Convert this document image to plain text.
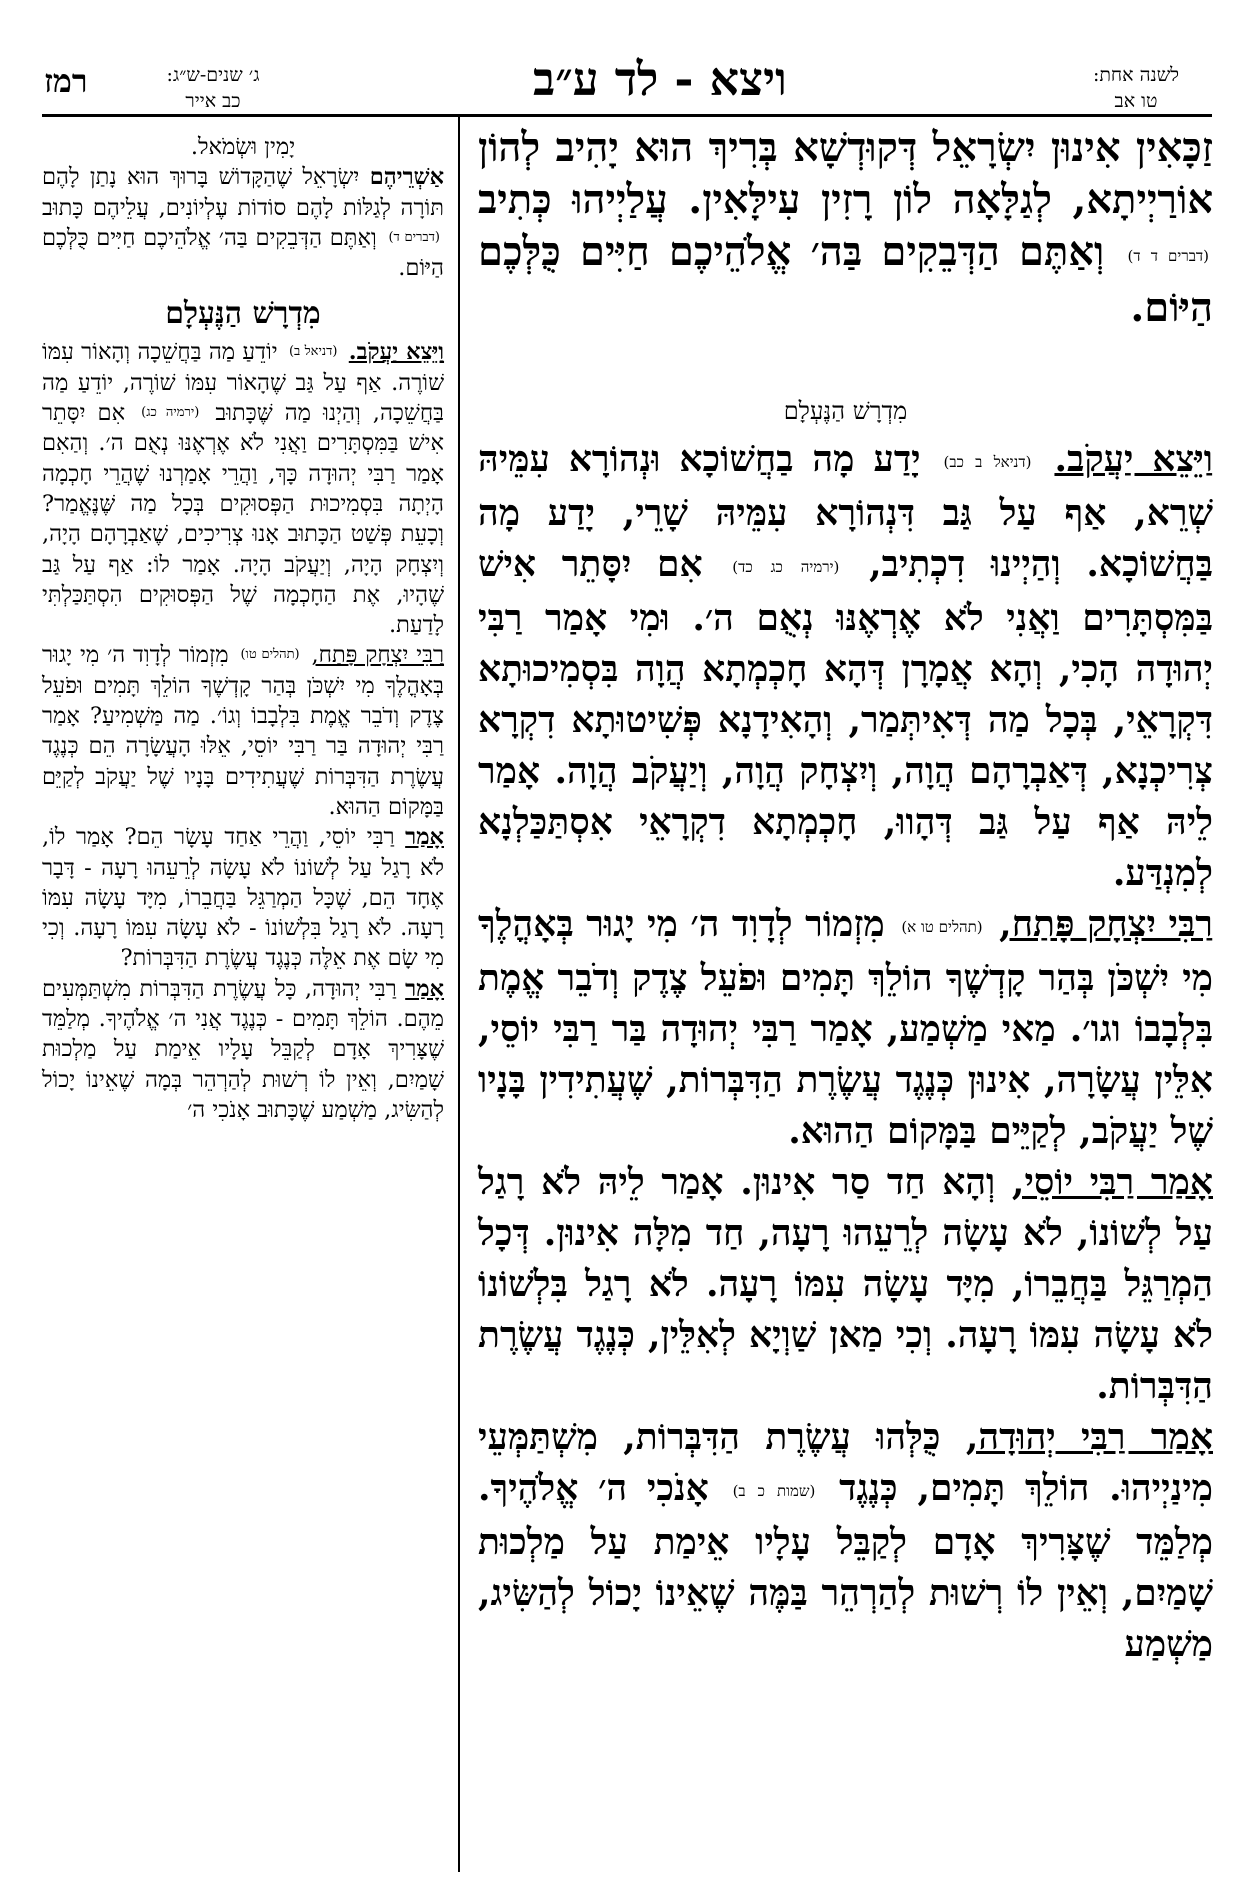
רמז	ג׳ שנים-ש״ג:
כב אייר	ויצא - לד ע״ב	לשנה אחת:
טו אב

זַכָּאִין אִינוּן יִשְׂרָאֵל דְּקוּדְשָׁא בְּרִיךְ הוּא יָהִיב לְהוֹן אוֹרַיְיתָא, לְגַלָּאָה לוֹן רָזִין עִילָּאִין. עֲלַיְיהוּ כְּתִיב (דברים ד ד) וְאַתֶּם הַדְּבֵקִים בַּה׳ אֱלֹהֵיכֶם חַיִּים כֻּלְּכֶם הַיּוֹם.

מִדְרָשׁ הַנֶּעְלָם

וַיֵּצֵא יַעֲקֹב. (דניאל ב כב) יָדַע מָה בַחֲשׁוֹכָא וּנְהוֹרָא עִמֵּיהּ שְׁרֵא, אַף עַל גַּב דִּנְהוֹרָא עִמֵּיהּ שָׁרֵי, יָדַע מָה בַּחֲשׁוֹכָא. וְהַיְינוּ דִכְתִיב, (ירמיה כג כד) אִם יִסָּתֵר אִישׁ בַּמִּסְתָּרִים וַאֲנִי לֹא אֶרְאֶנּוּ נְאֻם ה׳. וּמִי אָמַר רַבִּי יְהוּדָה הָכִי, וְהָא אֲמָרָן דְּהָא חָכְמְתָא הֲוָה בִּסְמִיכוּתָא דִּקְרָאֵי, בְּכָל מַה דְּאִיתְּמַר, וְהָאִידָנָא פְּשִׁיטוּתָא דִקְרָא צְרִיכְנָא, דְּאַבְרָהָם הֲוָה, וְיִצְחָק הֲוָה, וְיַעֲקֹב הֲוָה. אָמַר לֵיהּ אַף עַל גַּב דְּהָווּ, חָכְמְתָא דִקְרָאֵי אִסְתַּכַּלְנָא לְמִנְדַּע.

רַבִּי יִצְחָק פָּתַח, (תהלים טו א) מִזְמוֹר לְדָוִד ה׳ מִי יָגוּר בְּאָהֳלֶךָ מִי יִשְׁכֹּן בְּהַר קָדְשֶׁךָ הוֹלֵךְ תָּמִים וּפֹעֵל צֶדֶק וְדֹבֵר אֱמֶת בִּלְבָבוֹ וגו׳. מַאי מַשְׁמַע, אָמַר רַבִּי יְהוּדָה בַּר רַבִּי יוֹסֵי, אִלֵּין עֲשָׂרָה, אִינוּן כְּנֶגֶד עֲשֶׂרֶת הַדִּבְּרוֹת, שֶׁעֲתִידִין בָּנָיו שֶׁל יַעֲקֹב, לְקַיֵּים בַּמָּקוֹם הַהוּא.

אָמַר רַבִּי יוֹסֵי, וְהָא חַד סַר אִינוּן. אָמַר לֵיהּ לֹא רָגַל עַל לְשׁוֹנוֹ, לֹא עָשָׂה לְרֵעֵהוּ רָעָה, חַד מִלָּה אִינוּן. דְּכָל הַמְרַגֵּל בַּחֲבֵרוֹ, מִיָּד עָשָׂה עִמּוֹ רָעָה. לֹא רָגַל בִּלְשׁוֹנוֹ לֹא עָשָׂה עִמּוֹ רָעָה. וְכִי מַאן שַׁוְיָא לְאִלֵּין, כְּנֶגֶד עֲשֶׂרֶת הַדִּבְּרוֹת.

אָמַר רַבִּי יְהוּדָה, כֻּלְּהוּ עֲשֶׂרֶת הַדִּבְּרוֹת, מִשְׁתַּמְּעֵי מִינַיְיהוּ. הוֹלֵךְ תָּמִים, כְּנֶגֶד (שמות כ ב) אָנֹכִי ה׳ אֱלֹהֶיךָ. מְלַמֵּד שֶׁצָּרִיךְ אָדָם לְקַבֵּל עָלָיו אֵימַת עַל מַלְכוּת שָׁמַיִם, וְאֵין לוֹ רְשׁוּת לְהַרְהֵר בַּמֶּה שֶׁאֵינוֹ יָכוֹל לְהַשִּׂיג, מַשְׁמַע

יָמִין וּשְׂמֹאל.

אַשְׁרֵיהֶם יִשְׂרָאֵל שֶׁהַקָּדוֹשׁ בָּרוּךְ הוּא נָתַן לָהֶם תּוֹרָה לְגַלּוֹת לָהֶם סוֹדוֹת עֶלְיוֹנִים, עֲלֵיהֶם כָּתוּב (דברים ד) וְאַתֶּם הַדְּבֵקִים בַּה׳ אֱלֹהֵיכֶם חַיִּים כֻּלְּכֶם הַיּוֹם.

מִדְרָשׁ הַנֶּעְלָם

וַיֵּצֵא יַעֲקֹב. (דניאל ב) יוֹדֵעַ מַה בַּחֲשֵׁכָה וְהָאוֹר עִמּוֹ שׁוֹרֶה. אַף עַל גַּב שֶׁהָאוֹר עִמּוֹ שׁוֹרֶה, יוֹדֵעַ מַה בַּחֲשֵׁכָה, וְהַיְנוּ מַה שֶּׁכָּתוּב (ירמיה כג) אִם יִסָּתֵר אִישׁ בַּמִּסְתָּרִים וַאֲנִי לֹא אֶרְאֶנּוּ נְאֻם ה׳. וְהַאִם אָמַר רַבִּי יְהוּדָה כָּךְ, וַהֲרֵי אָמַרְנוּ שֶׁהֲרֵי חָכְמָה הָיְתָה בִּסְמִיכוּת הַפְּסוּקִים בְּכָל מַה שֶּׁנֶּאֱמַר? וְכָעֵת פְּשַׁט הַכָּתוּב אָנוּ צְרִיכִים, שֶׁאַבְרָהָם הָיָה, וְיִצְחָק הָיָה, וְיַעֲקֹב הָיָה. אָמַר לוֹ: אַף עַל גַּב שֶׁהָיוּ, אֶת הַחָכְמָה שֶׁל הַפְּסוּקִים הִסְתַּכַּלְתִּי לָדַעַת.

רַבִּי יִצְחָק פָּתַח, (תהלים טו) מִזְמוֹר לְדָוִד ה׳ מִי יָגוּר בְּאָהֳלֶךָ מִי יִשְׁכֹּן בְּהַר קָדְשֶׁךָ הוֹלֵךְ תָּמִים וּפֹעֵל צֶדֶק וְדֹבֵר אֱמֶת בִּלְבָבוֹ וְגוֹ׳. מַה מַּשְׁמִיעַ? אָמַר רַבִּי יְהוּדָה בַּר רַבִּי יוֹסֵי, אֵלּוּ הָעֲשָׂרָה הֵם כְּנֶגֶד עֲשֶׂרֶת הַדִּבְּרוֹת שֶׁעֲתִידִים בָּנָיו שֶׁל יַעֲקֹב לְקַיֵּם בַּמָּקוֹם הַהוּא.

אָמַר רַבִּי יוֹסֵי, וַהֲרֵי אַחַד עָשָׂר הֵם? אָמַר לוֹ, לֹא רָגַל עַל לְשׁוֹנוֹ לֹא עָשָׂה לְרֵעֵהוּ רָעָה - דָּבָר אֶחָד הֵם, שֶׁכָּל הַמְרַגֵּל בַּחֲבֵרוֹ, מִיָּד עָשָׂה עִמּוֹ רָעָה. לֹא רָגַל בִּלְשׁוֹנוֹ - לֹא עָשָׂה עִמּוֹ רָעָה. וְכִי מִי שָׂם אֶת אֵלֶּה כְּנֶגֶד עֲשֶׂרֶת הַדִּבְּרוֹת?

אָמַר רַבִּי יְהוּדָה, כָּל עֲשֶׂרֶת הַדִּבְּרוֹת מִשְׁתַּמְּעִים מֵהֶם. הוֹלֵךְ תָּמִים - כְּנֶגֶד אֲנִי ה׳ אֱלֹהֶיךָ. מְלַמֵּד שֶׁצָּרִיךְ אָדָם לְקַבֵּל עָלָיו אֵימַת עַל מַלְכוּת שָׁמַיִם, וְאֵין לוֹ רְשׁוּת לְהַרְהֵר בְּמָה שֶׁאֵינוֹ יָכוֹל לְהַשִּׂיג, מַשְׁמַע שֶׁכָּתוּב אָנֹכִי ה׳
